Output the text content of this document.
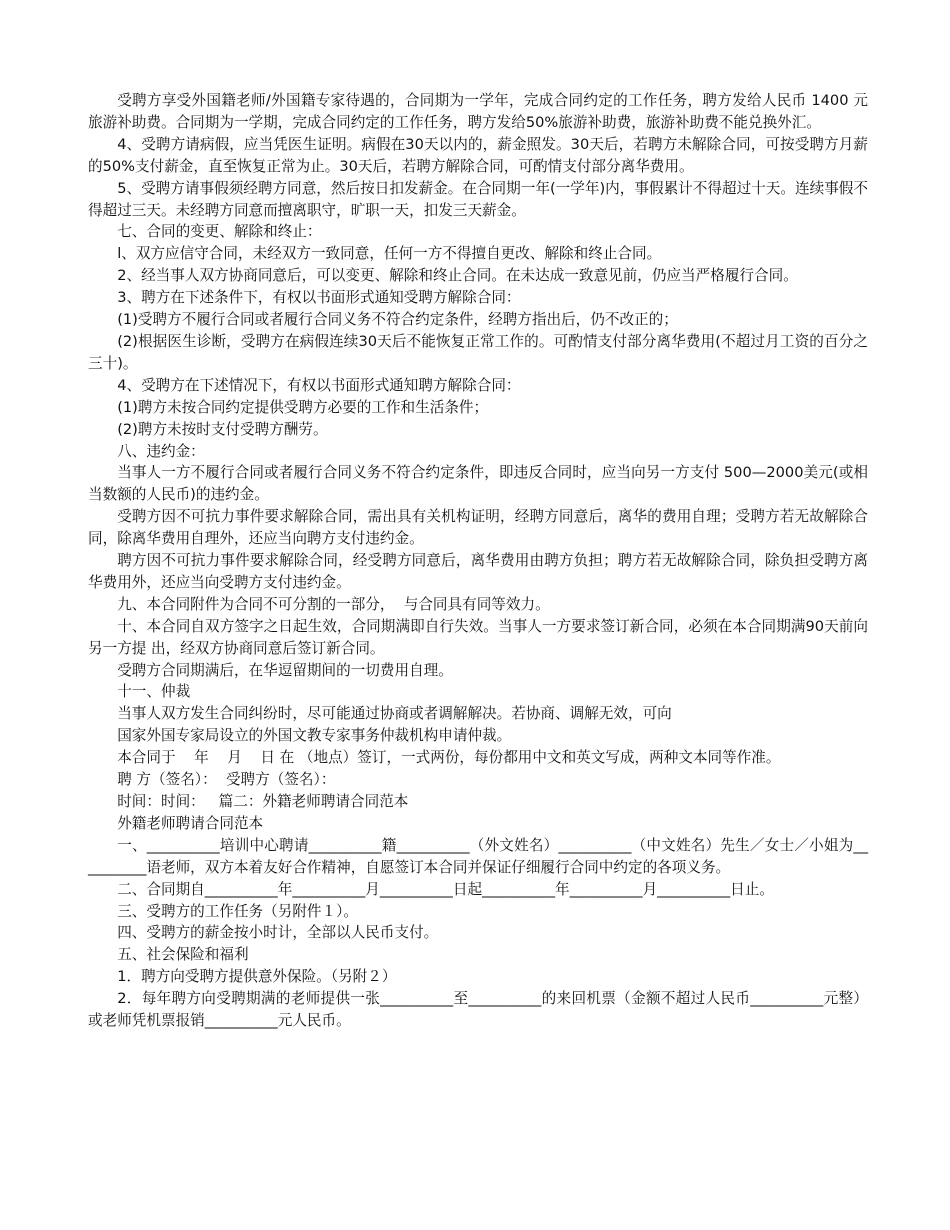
受聘方享受外国籍老师/外国籍专家待遇的，合同期为一学年，完成合同约定的工作任务，聘方发给人民币 1400 元旅游补助费。合同期为一学期，完成合同约定的工作任务，聘方发给50%旅游补助费，旅游补助费不能兑换外汇。

4、受聘方请病假，应当凭医生证明。病假在30天以内的，薪金照发。30天后，若聘方未解除合同，可按受聘方月薪的50%支付薪金，直至恢复正常为止。30天后，若聘方解除合同，可酌情支付部分离华费用。

5、受聘方请事假须经聘方同意，然后按日扣发薪金。在合同期一年(一学年)内，事假累计不得超过十天。连续事假不得超过三天。未经聘方同意而擅离职守，旷职一天，扣发三天薪金。

七、合同的变更、解除和终止：

l、双方应信守合同，未经双方一致同意，任何一方不得擅自更改、解除和终止合同。

2、经当事人双方协商同意后，可以变更、解除和终止合同。在未达成一致意见前，仍应当严格履行合同。

3、聘方在下述条件下，有权以书面形式通知受聘方解除合同：

(1)受聘方不履行合同或者履行合同义务不符合约定条件，经聘方指出后，仍不改正的；

(2)根据医生诊断，受聘方在病假连续30天后不能恢复正常工作的。可酌情支付部分离华费用(不超过月工资的百分之三十)。

4、受聘方在下述情况下，有权以书面形式通知聘方解除合同：

(1)聘方未按合同约定提供受聘方必要的工作和生活条件；

(2)聘方未按时支付受聘方酬劳。

八、违约金：

当事人一方不履行合同或者履行合同义务不符合约定条件，即违反合同时，应当向另一方支付 500—2000美元(或相当数额的人民币)的违约金。

受聘方因不可抗力事件要求解除合同，需出具有关机构证明，经聘方同意后，离华的费用自理；受聘方若无故解除合同，除离华费用自理外，还应当向聘方支付违约金。

聘方因不可抗力事件要求解除合同，经受聘方同意后，离华费用由聘方负担；聘方若无故解除合同，除负担受聘方离华费用外，还应当向受聘方支付违约金。

九、本合同附件为合同不可分割的一部分，  与合同具有同等效力。

十、本合同自双方签字之日起生效，合同期满即自行失效。当事人一方要求签订新合同，必须在本合同期满90天前向另一方提 出，经双方协商同意后签订新合同。

受聘方合同期满后，在华逗留期间的一切费用自理。

十一、仲裁

当事人双方发生合同纠纷时，尽可能通过协商或者调解解决。若协商、调解无效，可向

国家外国专家局设立的外国文教专家事务仲裁机构申请仲裁。

本合同于    年    月    日 在 （地点）签订，一式两份，每份都用中文和英文写成，两种文本同等作准。

聘 方（签名）：  受聘方（签名）：

时间：时间：   篇二：外籍老师聘请合同范本

外籍老师聘请合同范本

一、__________培训中心聘请__________籍__________（外文姓名）__________（中文姓名）先生／女士／小姐为__________语老师，双方本着友好合作精神，自愿签订本合同并保证仔细履行合同中约定的各项义务。

二、合同期自__________年__________月__________日起__________年__________月__________日止。

三、受聘方的工作任务（另附件１）。

四、受聘方的薪金按小时计，全部以人民币支付。

五、社会保险和福利

1．聘方向受聘方提供意外保险。（另附２）

2．每年聘方向受聘期满的老师提供一张__________至__________的来回机票（金额不超过人民币__________元整）或老师凭机票报销__________元人民币。
